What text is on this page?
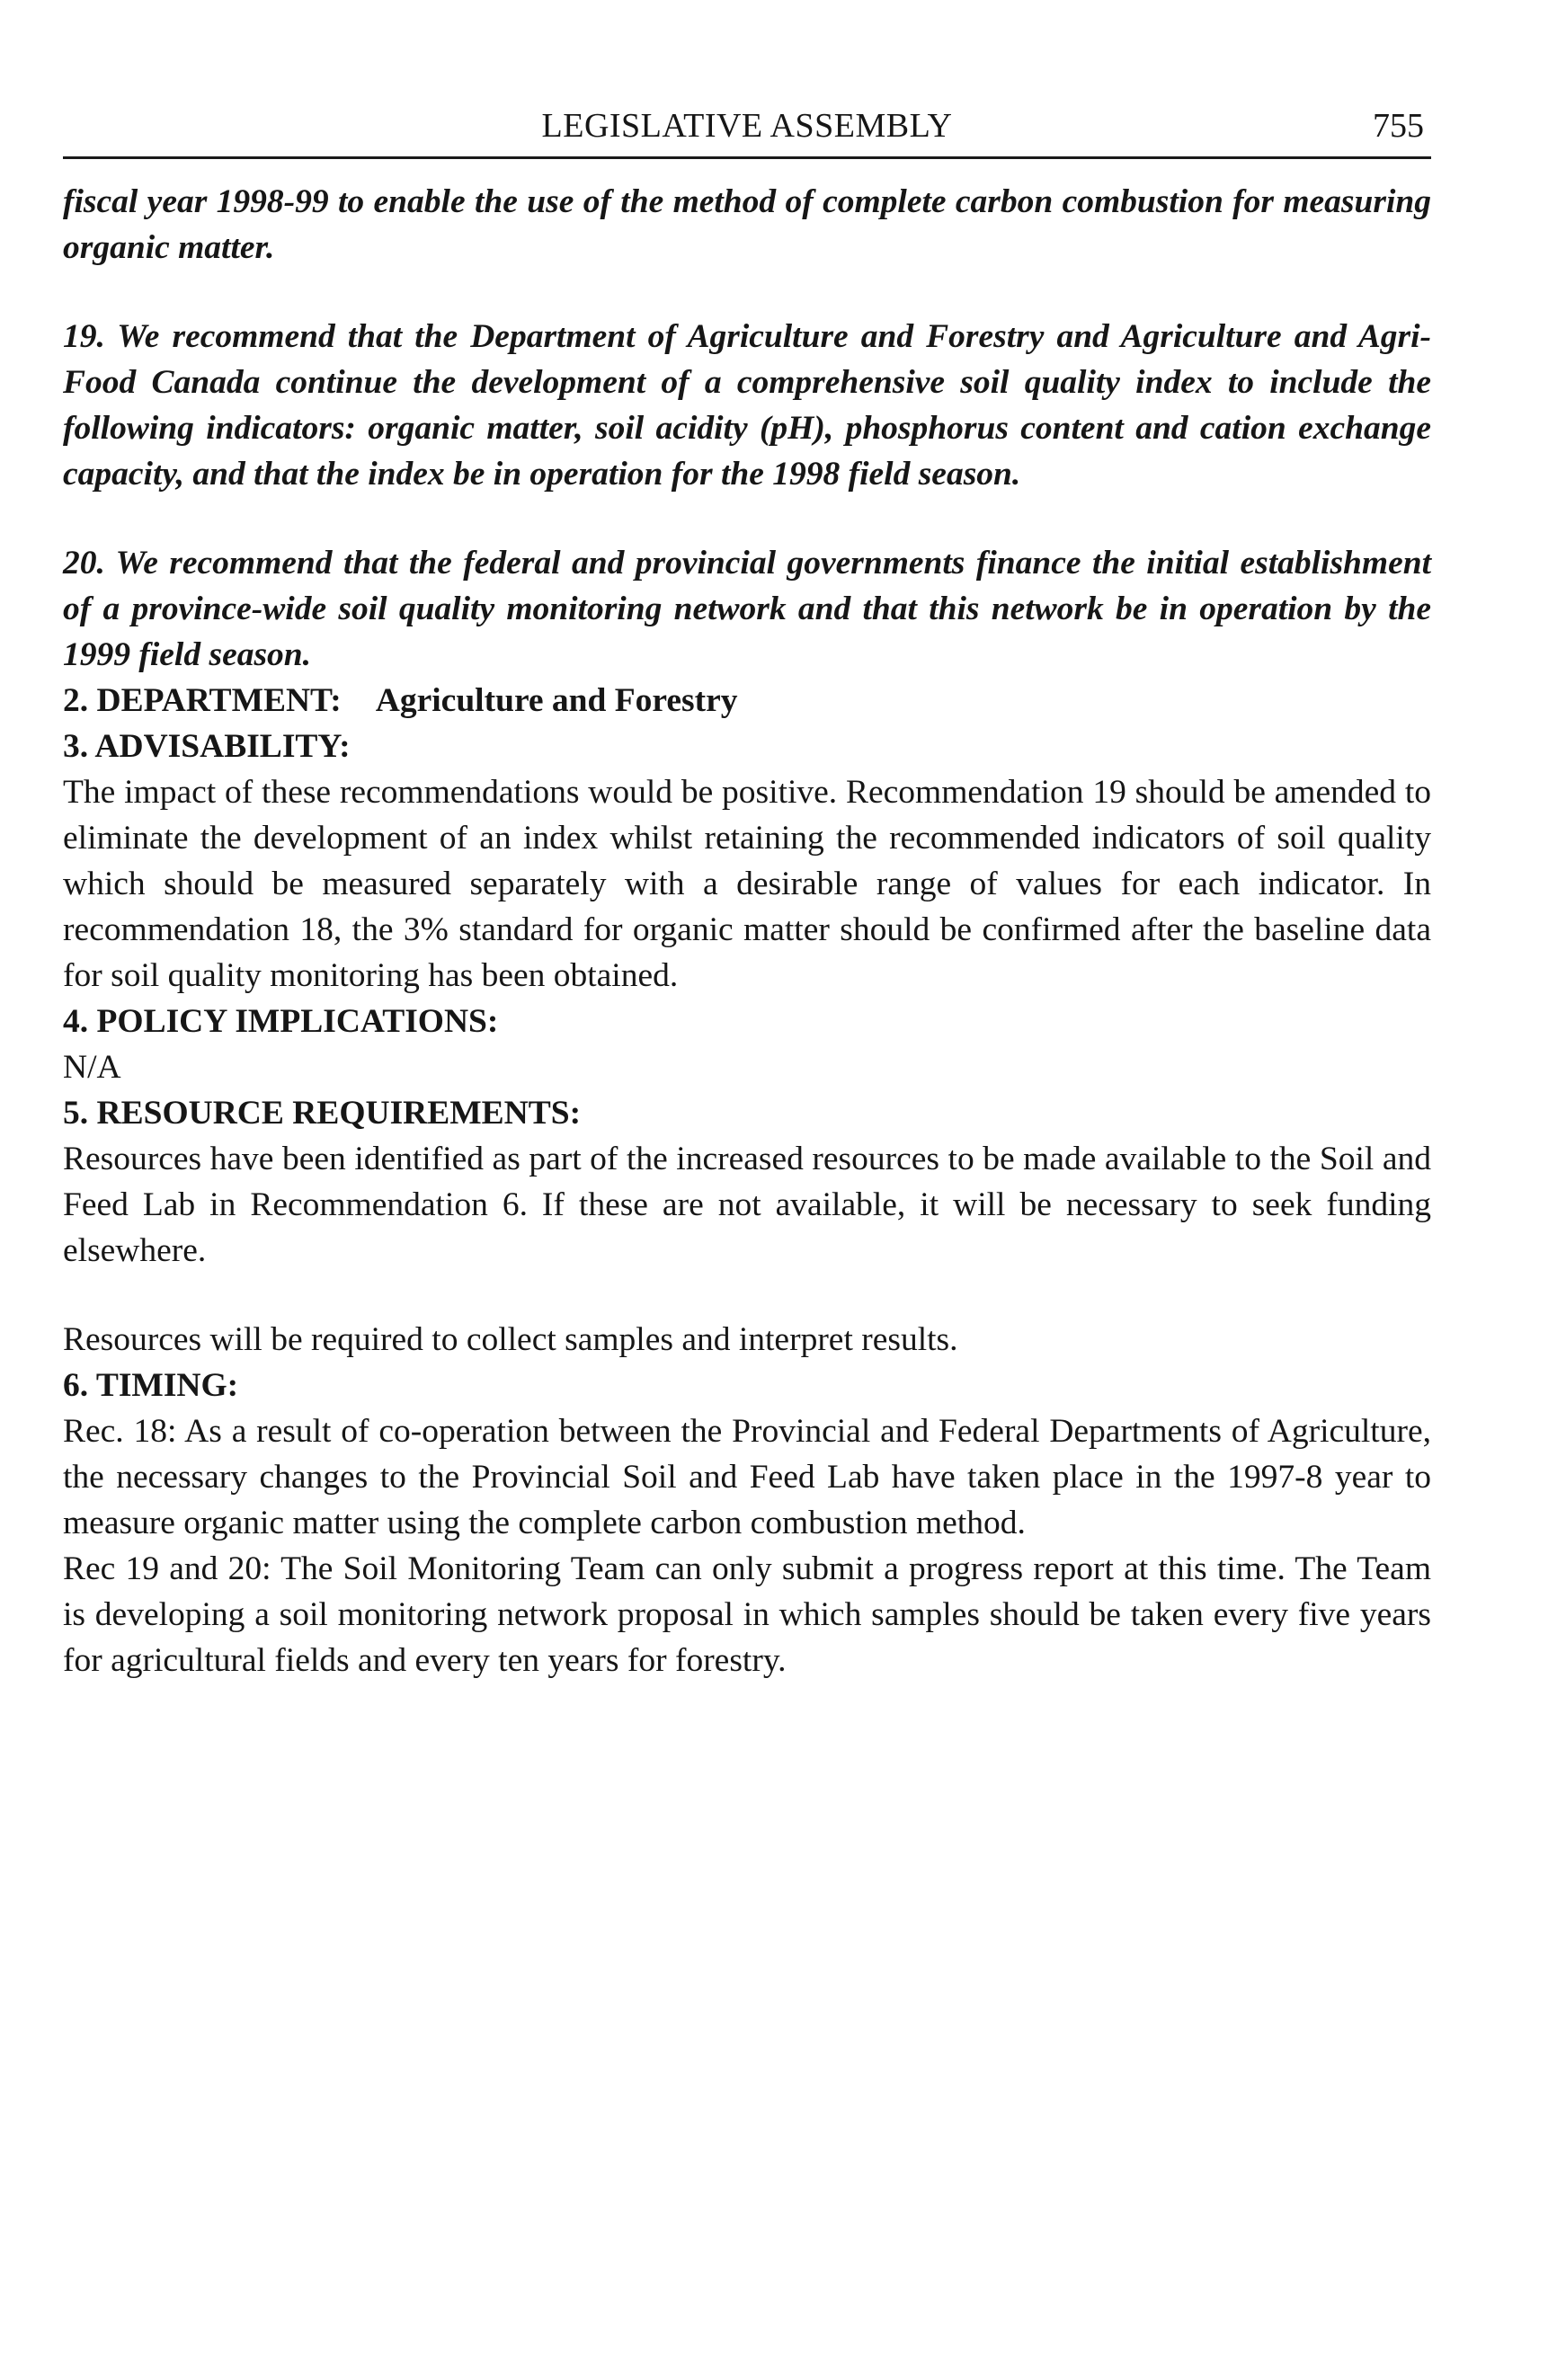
LEGISLATIVE ASSEMBLY	755

fiscal year 1998-99 to enable the use of the method of complete carbon combustion for measuring organic matter.

19. We recommend that the Department of Agriculture and Forestry and Agriculture and Agri-Food Canada continue the development of a comprehensive soil quality index to include the following indicators: organic matter, soil acidity (pH), phosphorus content and cation exchange capacity, and that the index be in operation for the 1998 field season.

20. We recommend that the federal and provincial governments finance the initial establishment of a province-wide soil quality monitoring network and that this network be in operation by the 1999 field season.

2. DEPARTMENT: Agriculture and Forestry
3. ADVISABILITY:

The impact of these recommendations would be positive. Recommendation 19 should be amended to eliminate the development of an index whilst retaining the recommended indicators of soil quality which should be measured separately with a desirable range of values for each indicator. In recommendation 18, the 3% standard for organic matter should be confirmed after the baseline data for soil quality monitoring has been obtained.

4. POLICY IMPLICATIONS:

N/A

5. RESOURCE REQUIREMENTS:

Resources have been identified as part of the increased resources to be made available to the Soil and Feed Lab in Recommendation 6. If these are not available, it will be necessary to seek funding elsewhere.

Resources will be required to collect samples and interpret results.

6. TIMING:

Rec. 18: As a result of co-operation between the Provincial and Federal Departments of Agriculture, the necessary changes to the Provincial Soil and Feed Lab have taken place in the 1997-8 year to measure organic matter using the complete carbon combustion method.

Rec 19 and 20: The Soil Monitoring Team can only submit a progress report at this time. The Team is developing a soil monitoring network proposal in which samples should be taken every five years for agricultural fields and every ten years for forestry.
